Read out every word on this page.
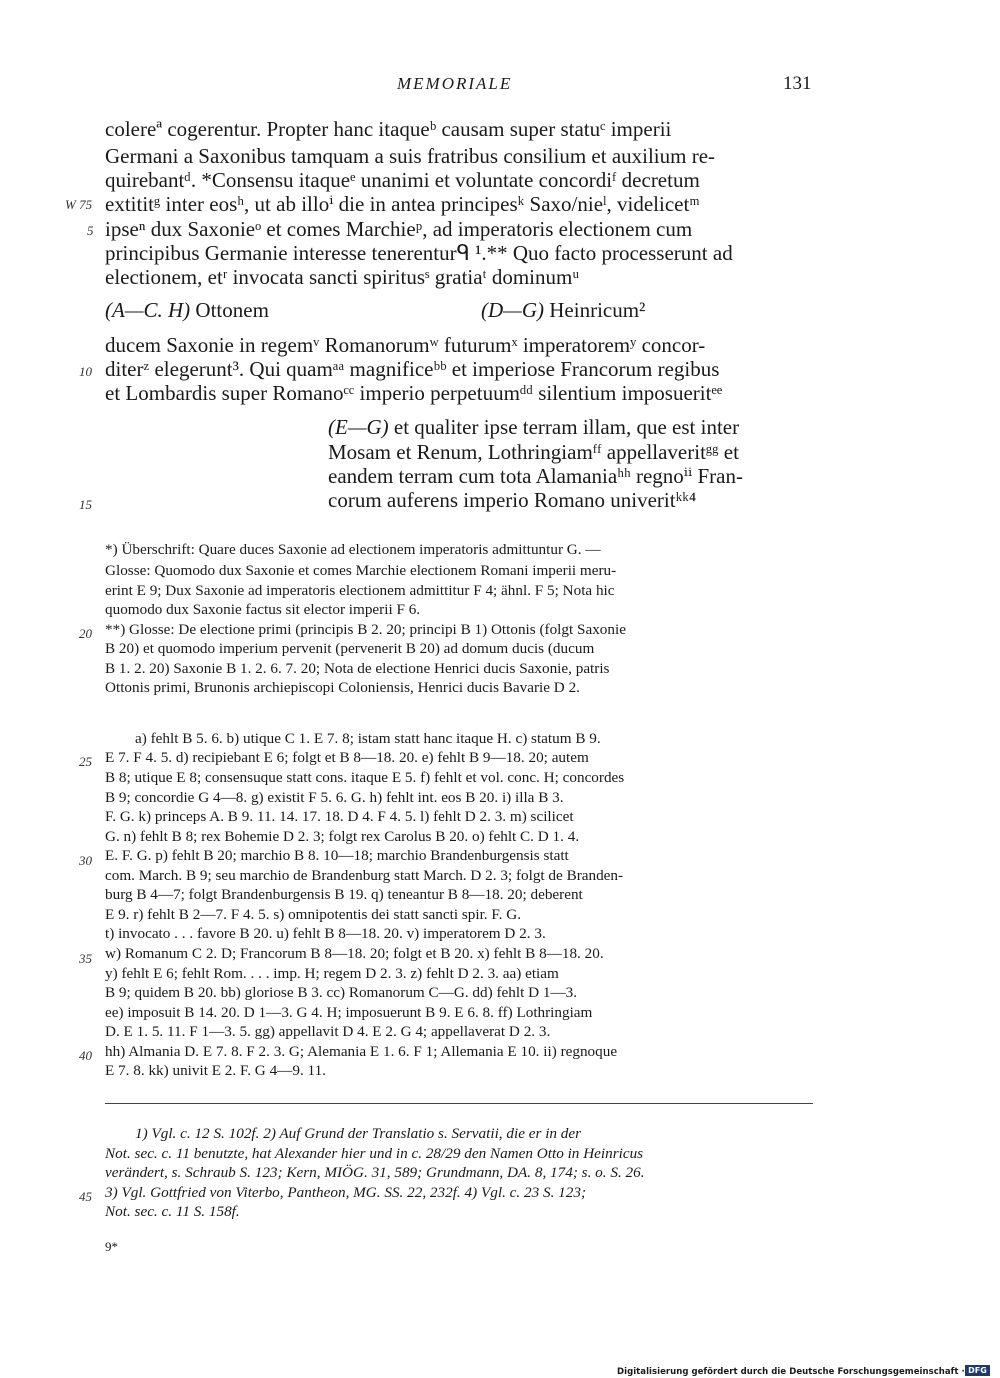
MEMORIALE	131
colereª cogerentur. Propter hanc itaqueᵇ causam super statuᶜ imperii
Germani a Saxonibus tamquam a suis fratribus consilium et auxilium re-
quirebantᵈ. *Consensu itaqueᵉ unanimi et voluntate concordiᶠ decretum
extititᵍ inter eosʰ, ut ab illoⁱ die in antea principesᵏ Saxo/nieˡ, videlicetᵐ
ipseⁿ dux Saxonieᵒ et comes Marchieᵖ, ad imperatoris electionem cum
principibus Germanie interesse tenerenturᑫ ¹.** Quo facto processerunt ad
electionem, etʳ invocata sancti spiritusˢ gratiaᵗ dominumᵘ
(A—C. H) Ottonem	(D—G) Heinricum²
ducem Saxonie in regemᵛ Romanorumʷ futurumˣ imperatoremʸ concor-
diterᶻ elegerunt³. Qui quamᵃᵃ magnificeᵇᵇ et imperiose Francorum regibus
et Lombardis super Romanoᶜᶜ imperio perpetuumᵈᵈ silentium imposueritᵉᵉ
(E—G) et qualiter ipse terram illam, que est inter
Mosam et Renum, Lothringiamᶠᶠ appellaveritᵍᵍ et
eandem terram cum tota Alamaniaʰʰ regnoⁱⁱ Fran-
corum auferens imperio Romano univeritᵏᵏ⁴
W 75
5
10
15
20
25
30
35
40
45
*) Überschrift: Quare duces Saxonie ad electionem imperatoris admittuntur G. —
Glosse: Quomodo dux Saxonie et comes Marchie electionem Romani imperii meru-
erint E 9; Dux Saxonie ad imperatoris electionem admittitur F 4; ähnl. F 5; Nota hic
quomodo dux Saxonie factus sit elector imperii F 6.
**) Glosse: De electione primi (principis B 2. 20; principi B 1) Ottonis (folgt Saxonie
B 20) et quomodo imperium pervenit (pervenerit B 20) ad domum ducis (ducum
B 1. 2. 20) Saxonie B 1. 2. 6. 7. 20; Nota de electione Henrici ducis Saxonie, patris
Ottonis primi, Brunonis archiepiscopi Coloniensis, Henrici ducis Bavarie D 2.
a) fehlt B 5. 6. b) utique C 1. E 7. 8; istam statt hanc itaque H. c) statum B 9.
E 7. F 4. 5. d) recipiebant E 6; folgt et B 8—18. 20. e) fehlt B 9—18. 20; autem
B 8; utique E 8; consensuque statt cons. itaque E 5. f) fehlt et vol. conc. H; concordes
B 9; concordie G 4—8. g) existit F 5. 6. G. h) fehlt int. eos B 20. i) illa B 3.
F. G. k) princeps A. B 9. 11. 14. 17. 18. D 4. F 4. 5. l) fehlt D 2. 3. m) scilicet
G. n) fehlt B 8; rex Bohemie D 2. 3; folgt rex Carolus B 20. o) fehlt C. D 1. 4.
E. F. G. p) fehlt B 20; marchio B 8. 10—18; marchio Brandenburgensis statt
com. March. B 9; seu marchio de Brandenburg statt March. D 2. 3; folgt de Branden-
burg B 4—7; folgt Brandenburgensis B 19. q) teneantur B 8—18. 20; deberent
E 9. r) fehlt B 2—7. F 4. 5. s) omnipotentis dei statt sancti spir. F. G.
t) invocato . . . favore B 20. u) fehlt B 8—18. 20. v) imperatorem D 2. 3.
w) Romanum C 2. D; Francorum B 8—18. 20; folgt et B 20. x) fehlt B 8—18. 20.
y) fehlt E 6; fehlt Rom. . . . imp. H; regem D 2. 3. z) fehlt D 2. 3. aa) etiam
B 9; quidem B 20. bb) gloriose B 3. cc) Romanorum C—G. dd) fehlt D 1—3.
ee) imposuit B 14. 20. D 1—3. G 4. H; imposuerunt B 9. E 6. 8. ff) Lothringiam
D. E 1. 5. 11. F 1—3. 5. gg) appellavit D 4. E 2. G 4; appellaverat D 2. 3.
hh) Almania D. E 7. 8. F 2. 3. G; Alemania E 1. 6. F 1; Allemania E 10. ii) regnoque
E 7. 8. kk) univit E 2. F. G 4—9. 11.
1) Vgl. c. 12 S. 102f. 2) Auf Grund der Translatio s. Servatii, die er in der
Not. sec. c. 11 benutzte, hat Alexander hier und in c. 28/29 den Namen Otto in Heinricus
verändert, s. Schraub S. 123; Kern, MIÖG. 31, 589; Grundmann, DA. 8, 174; s. o. S. 26.
3) Vgl. Gottfried von Viterbo, Pantheon, MG. SS. 22, 232f. 4) Vgl. c. 23 S. 123;
Not. sec. c. 11 S. 158f.
9*
Digitalisierung gefördert durch die Deutsche Forschungsgemeinschaft · DFG
